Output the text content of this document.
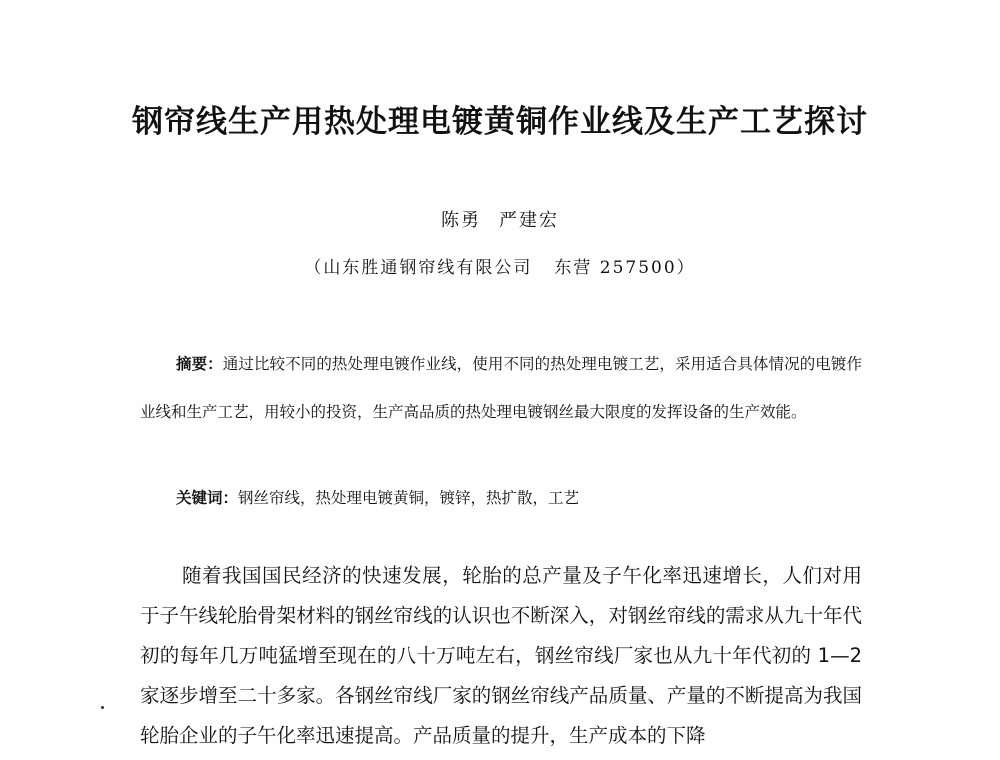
钢帘线生产用热处理电镀黄铜作业线及生产工艺探讨
陈勇 严建宏
（山东胜通钢帘线有限公司 东营 257500）

摘要：通过比较不同的热处理电镀作业线，使用不同的热处理电镀工艺，采用适合具体情况的电镀作业线和生产工艺，用较小的投资，生产高品质的热处理电镀钢丝最大限度的发挥设备的生产效能。

关键词：钢丝帘线，热处理电镀黄铜，镀锌，热扩散，工艺

随着我国国民经济的快速发展，轮胎的总产量及子午化率迅速增长，人们对用于子午线轮胎骨架材料的钢丝帘线的认识也不断深入，对钢丝帘线的需求从九十年代初的每年几万吨猛增至现在的八十万吨左右，钢丝帘线厂家也从九十年代初的 1—2 家逐步增至二十多家。各钢丝帘线厂家的钢丝帘线产品质量、产量的不断提高为我国轮胎企业的子午化率迅速提高。产品质量的提升，生产成本的下降
